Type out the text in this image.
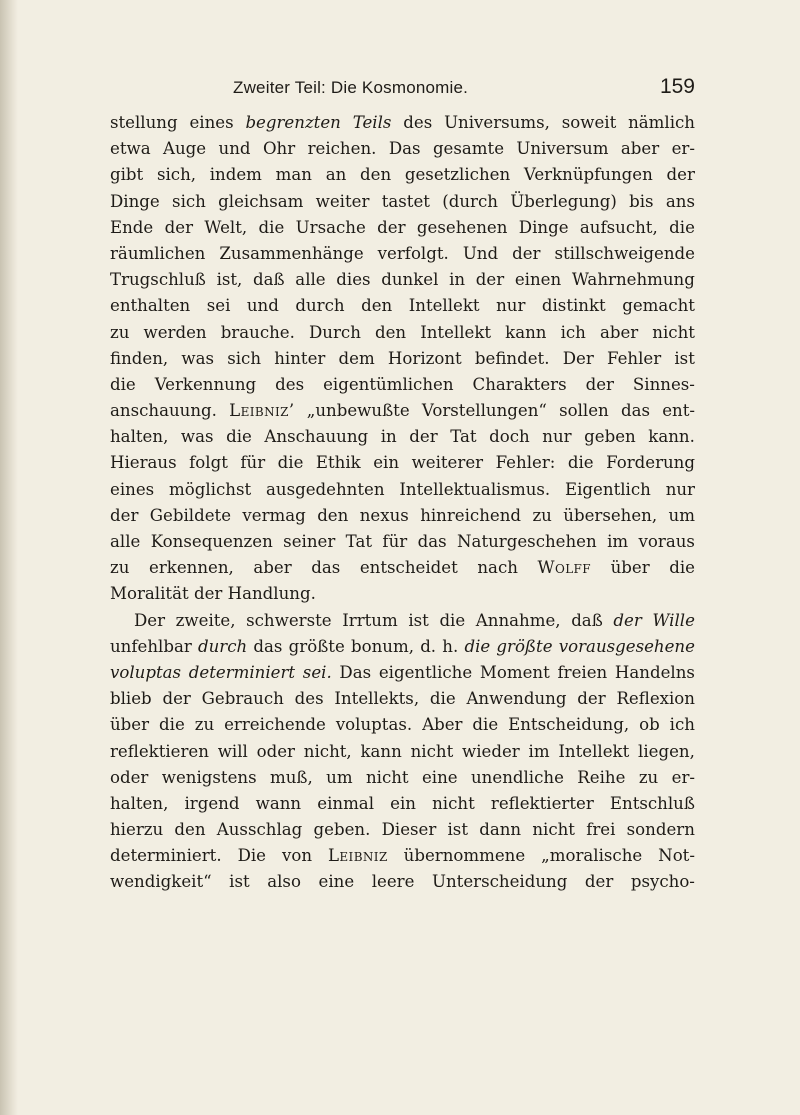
Zweiter Teil: Die Kosmonomie.	159
stellung eines begrenzten Teils des Universums, soweit nämlich
etwa Auge und Ohr reichen. Das gesamte Universum aber er-
gibt sich, indem man an den gesetzlichen Verknüpfungen der
Dinge sich gleichsam weiter tastet (durch Überlegung) bis ans
Ende der Welt, die Ursache der gesehenen Dinge aufsucht, die
räumlichen Zusammenhänge verfolgt. Und der stillschweigende
Trugschluß ist, daß alle dies dunkel in der einen Wahrnehmung
enthalten sei und durch den Intellekt nur distinkt gemacht
zu werden brauche. Durch den Intellekt kann ich aber nicht
finden, was sich hinter dem Horizont befindet. Der Fehler ist
die Verkennung des eigentümlichen Charakters der Sinnes-
anschauung. Leibniz’ „unbewußte Vorstellungen“ sollen das ent-
halten, was die Anschauung in der Tat doch nur geben kann.
Hieraus folgt für die Ethik ein weiterer Fehler: die Forderung
eines möglichst ausgedehnten Intellektualismus. Eigentlich nur
der Gebildete vermag den nexus hinreichend zu übersehen, um
alle Konsequenzen seiner Tat für das Naturgeschehen im voraus
zu erkennen, aber das entscheidet nach Wolff über die
Moralität der Handlung.
Der zweite, schwerste Irrtum ist die Annahme, daß der Wille
unfehlbar durch das größte bonum, d. h. die größte vorausgesehene
voluptas determiniert sei. Das eigentliche Moment freien Handelns
blieb der Gebrauch des Intellekts, die Anwendung der Reflexion
über die zu erreichende voluptas. Aber die Entscheidung, ob ich
reflektieren will oder nicht, kann nicht wieder im Intellekt liegen,
oder wenigstens muß, um nicht eine unendliche Reihe zu er-
halten, irgend wann einmal ein nicht reflektierter Entschluß
hierzu den Ausschlag geben. Dieser ist dann nicht frei sondern
determiniert. Die von Leibniz übernommene „moralische Not-
wendigkeit“ ist also eine leere Unterscheidung der psycho-
